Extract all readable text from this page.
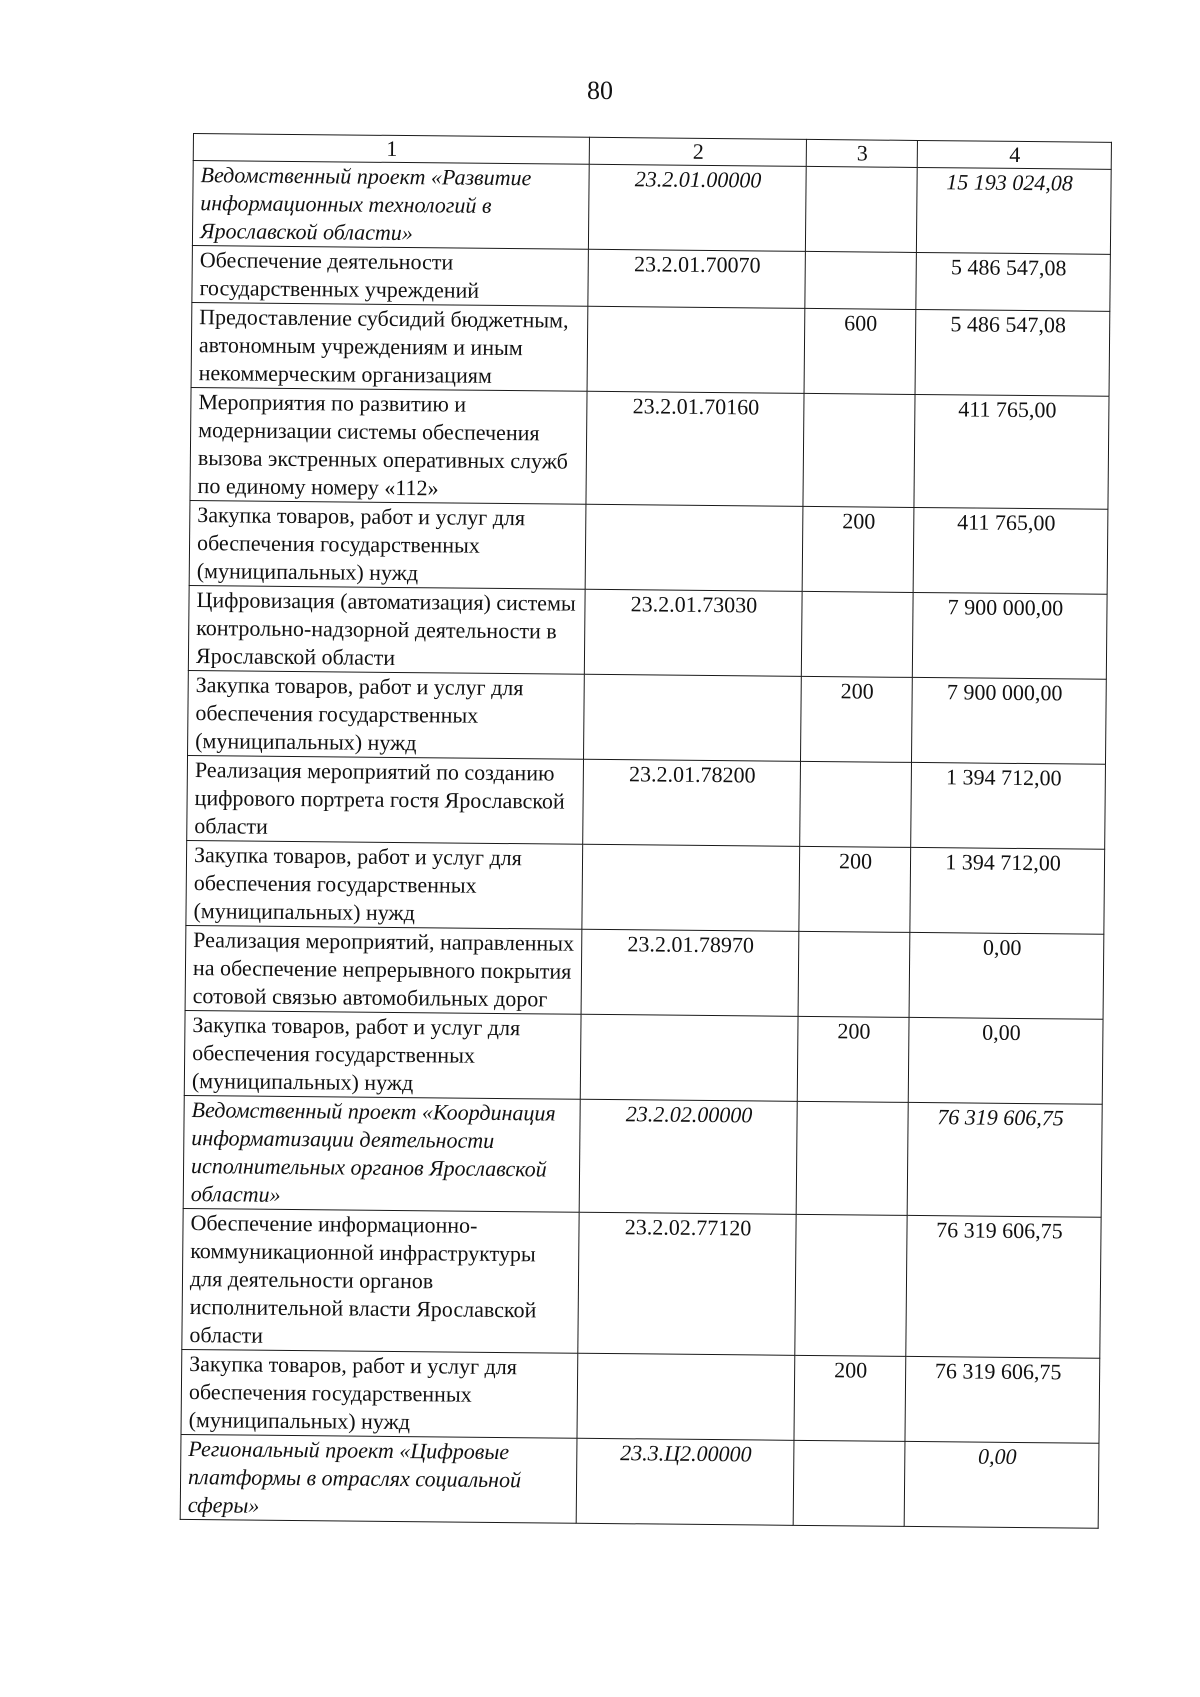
80
1	2	3	4
Ведомственный проект «Развитие информационных технологий в Ярославской области»	23.2.01.00000		15 193 024,08
Обеспечение деятельности государственных учреждений	23.2.01.70070		5 486 547,08
Предоставление субсидий бюджетным, автономным учреждениям и иным некоммерческим организациям		600	5 486 547,08
Мероприятия по развитию и модернизации системы обеспечения вызова экстренных оперативных служб по единому номеру «112»	23.2.01.70160		411 765,00
Закупка товаров, работ и услуг для обеспечения государственных (муниципальных) нужд		200	411 765,00
Цифровизация (автоматизация) системы контрольно-надзорной деятельности в Ярославской области	23.2.01.73030		7 900 000,00
Закупка товаров, работ и услуг для обеспечения государственных (муниципальных) нужд		200	7 900 000,00
Реализация мероприятий по созданию цифрового портрета гостя Ярославской области	23.2.01.78200		1 394 712,00
Закупка товаров, работ и услуг для обеспечения государственных (муниципальных) нужд		200	1 394 712,00
Реализация мероприятий, направленных на обеспечение непрерывного покрытия сотовой связью автомобильных дорог	23.2.01.78970		0,00
Закупка товаров, работ и услуг для обеспечения государственных (муниципальных) нужд		200	0,00
Ведомственный проект «Координация информатизации деятельности исполнительных органов Ярославской области»	23.2.02.00000		76 319 606,75
Обеспечение информационно-коммуникационной инфраструктуры для деятельности органов исполнительной власти Ярославской области	23.2.02.77120		76 319 606,75
Закупка товаров, работ и услуг для обеспечения государственных (муниципальных) нужд		200	76 319 606,75
Региональный проект «Цифровые платформы в отраслях социальной сферы»	23.3.Ц2.00000		0,00
